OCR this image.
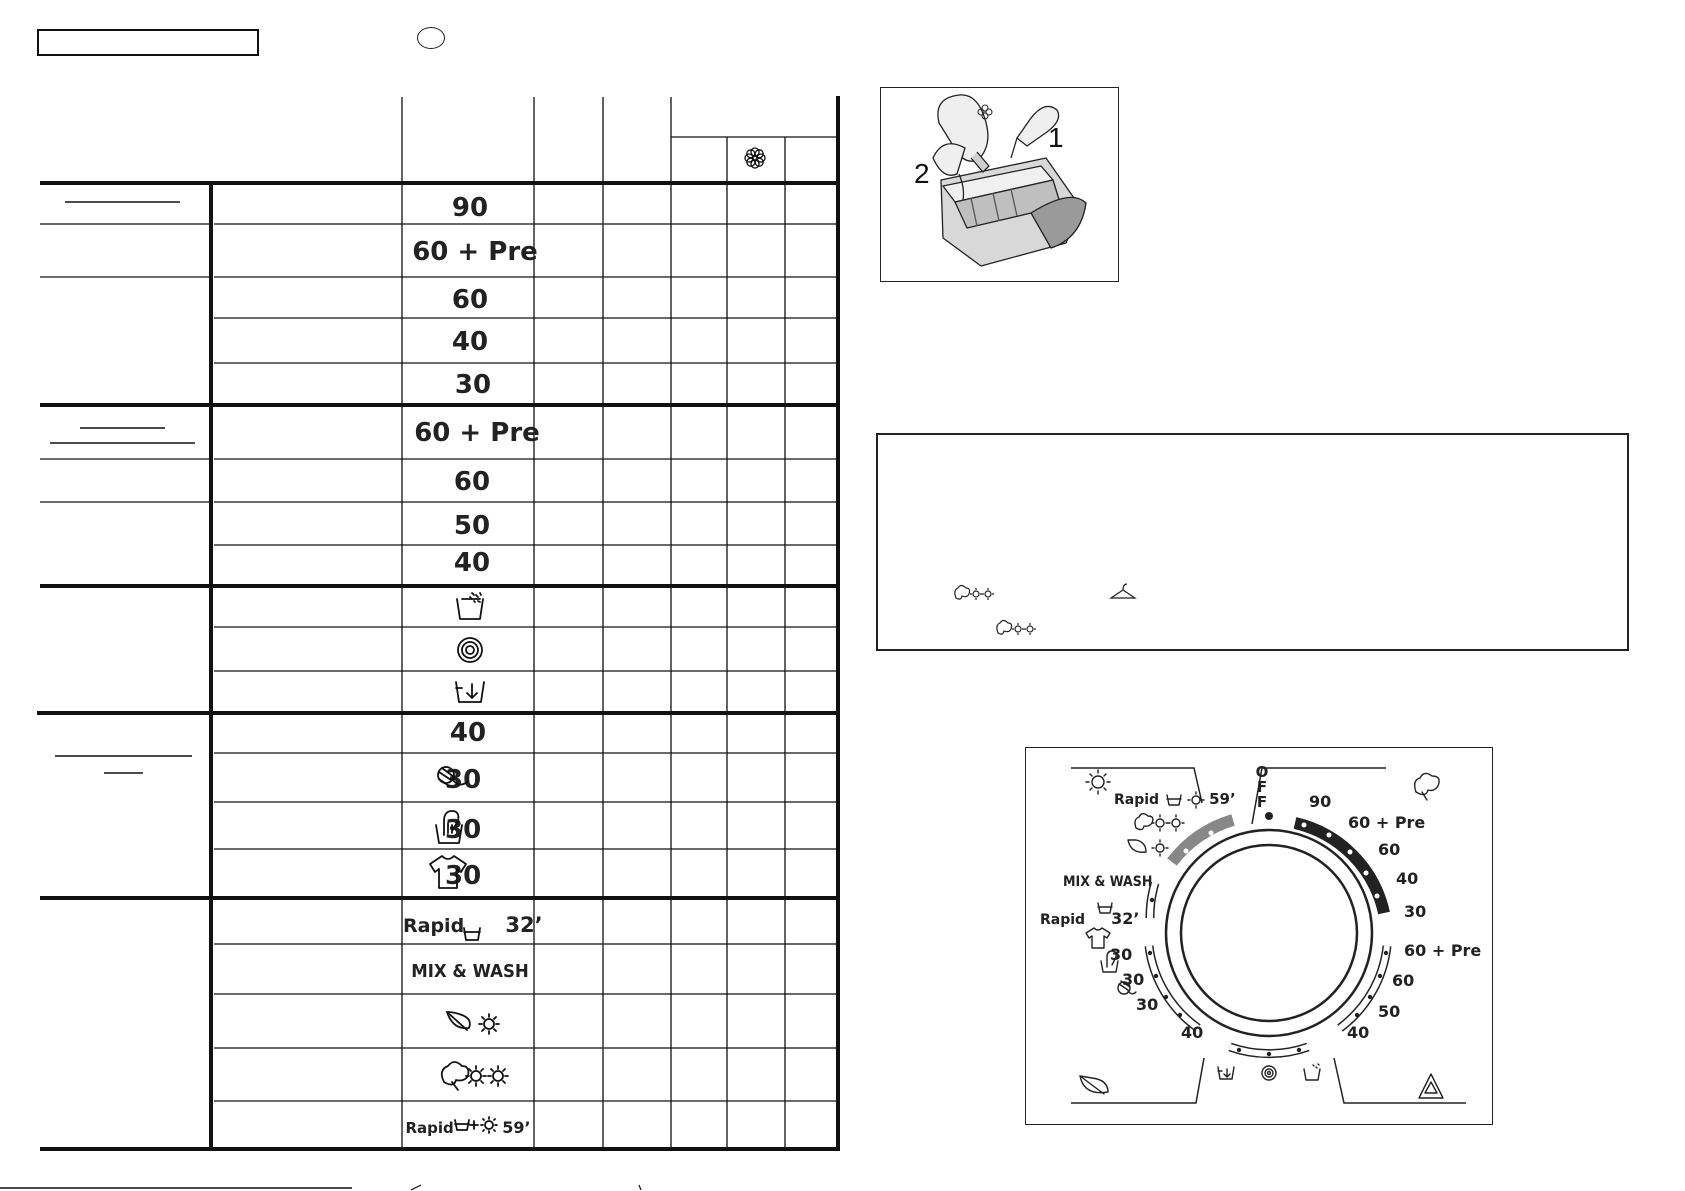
90
60 + Pre
60
40
30
60 + Pre
60
50
40
40
30
30
30
Rapid 32’
MIX & WASH
Rapid	59’
1
2
OFF
Rapid	59’
MIX & WASH
Rapid 32’
30
30
30
40
90
60 + Pre
60
40
30
60 + Pre
60
50
40
